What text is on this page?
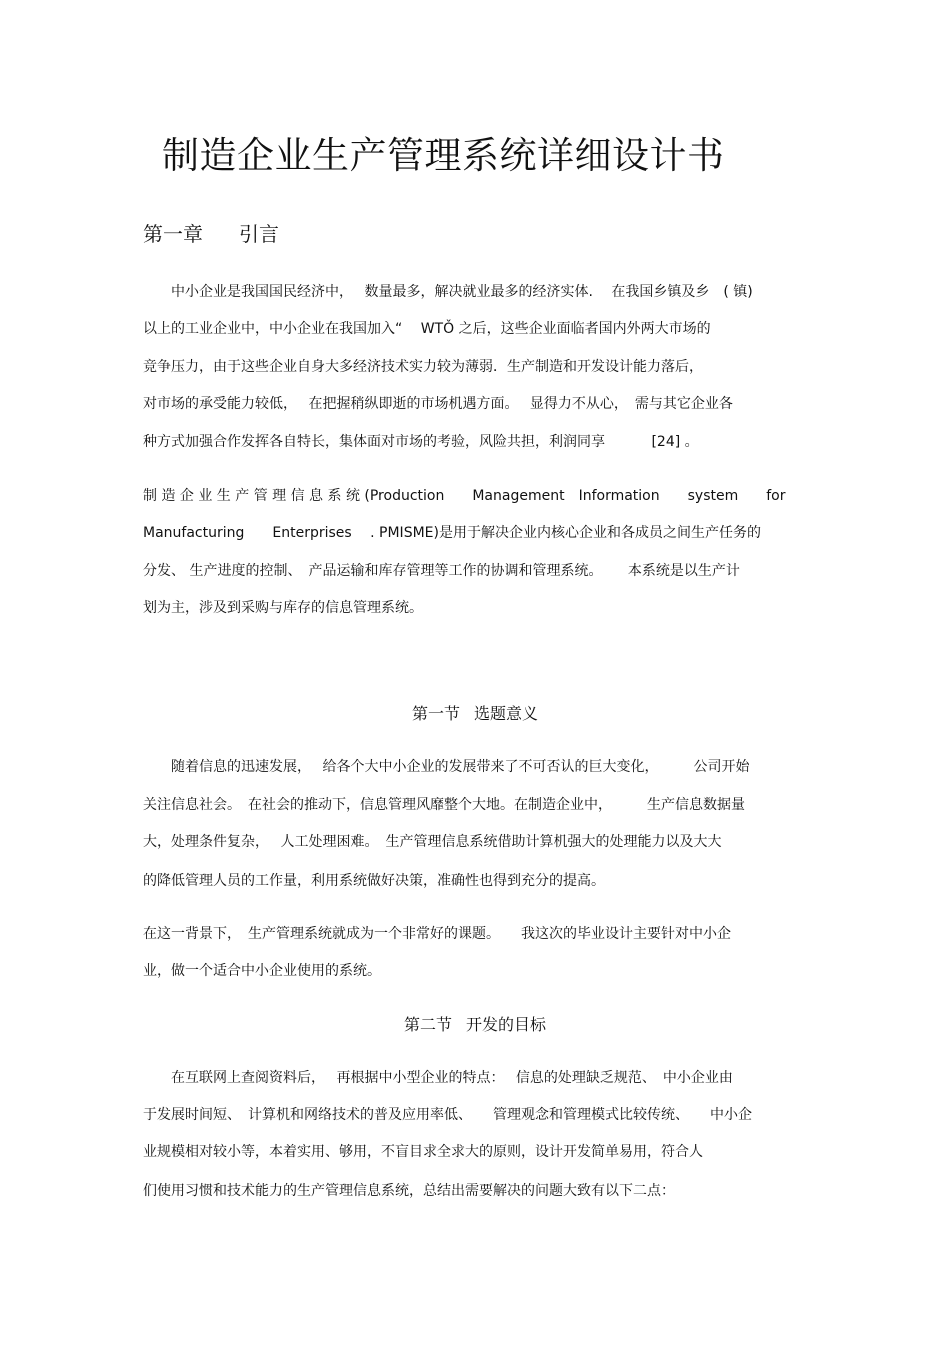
制造企业生产管理系统详细设计书
第一章 引言

　　中小企业是我国国民经济中，　 数量最多，解决就业最多的经济实体.　 在我国乡镇及乡　( 镇)

以上的工业企业中，中小企业在我国加入“　 WTǑ 之后，这些企业面临者国内外两大市场的

竞争压力，由于这些企业自身大多经济技术实力较为薄弱．生产制造和开发设计能力落后，

对市场的承受能力较低，　 在把握稍纵即逝的市场机遇方面。　 显得力不从心，　需与其它企业各

种方式加强合作发挥各自特长，集体面对市场的考验，风险共担，利润同享　　　 [24] 。

制 造 企 业 生 产 管 理 信 息 系 统 (Production　　Management　Information　　system　　for

Manufacturing　　Enterprises　 . PMISME)是用于解决企业内核心企业和各成员之间生产任务的

分发、 生产进度的控制、　产品运输和库存管理等工作的协调和管理系统。　　 本系统是以生产计

划为主，涉及到采购与库存的信息管理系统。

第一节 选题意义

　　随着信息的迅速发展，　 给各个大中小企业的发展带来了不可否认的巨大变化，　　　公司开始

关注信息社会。　在社会的推动下，信息管理风靡整个大地。在制造企业中，　　　生产信息数据量

大，处理条件复杂，　 人工处理困难。　生产管理信息系统借助计算机强大的处理能力以及大大

的降低管理人员的工作量，利用系统做好决策，准确性也得到充分的提高。

在这一背景下，　生产管理系统就成为一个非常好的课题。　　我这次的毕业设计主要针对中小企

业，做一个适合中小企业使用的系统。

第二节 开发的目标

　　在互联网上查阅资料后，　 再根据中小型企业的特点：　 信息的处理缺乏规范、　中小企业由

于发展时间短、　计算机和网络技术的普及应用率低、　　管理观念和管理模式比较传统、　　中小企

业规模相对较小等，本着实用、够用，不盲目求全求大的原则，设计开发简单易用，符合人

们使用习惯和技术能力的生产管理信息系统，总结出需要解决的问题大致有以下二点：
